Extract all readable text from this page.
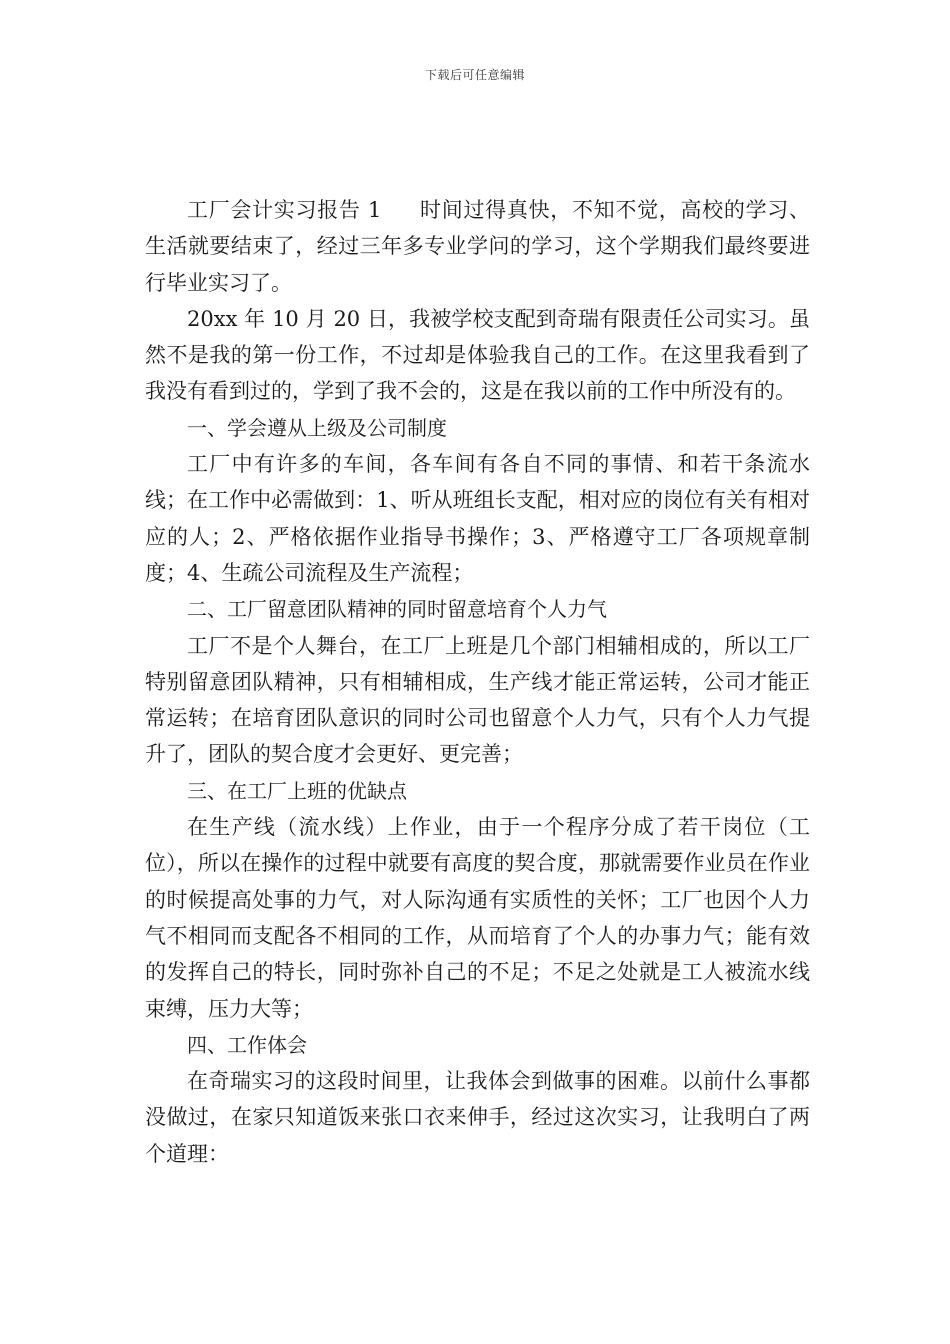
下载后可任意编辑

工厂会计实习报告 1 时间过得真快，不知不觉，高校的学习、生活就要结束了，经过三年多专业学问的学习，这个学期我们最终要进行毕业实习了。

20xx 年 10 月 20 日，我被学校支配到奇瑞有限责任公司实习。虽然不是我的第一份工作，不过却是体验我自己的工作。在这里我看到了我没有看到过的，学到了我不会的，这是在我以前的工作中所没有的。

一、学会遵从上级及公司制度

工厂中有许多的车间，各车间有各自不同的事情、和若干条流水线；在工作中必需做到：1、听从班组长支配，相对应的岗位有关有相对应的人；2、严格依据作业指导书操作；3、严格遵守工厂各项规章制度；4、生疏公司流程及生产流程；

二、工厂留意团队精神的同时留意培育个人力气

工厂不是个人舞台，在工厂上班是几个部门相辅相成的，所以工厂特别留意团队精神，只有相辅相成，生产线才能正常运转，公司才能正常运转；在培育团队意识的同时公司也留意个人力气，只有个人力气提升了，团队的契合度才会更好、更完善；

三、在工厂上班的优缺点

在生产线（流水线）上作业，由于一个程序分成了若干岗位（工位），所以在操作的过程中就要有高度的契合度，那就需要作业员在作业的时候提高处事的力气，对人际沟通有实质性的关怀；工厂也因个人力气不相同而支配各不相同的工作，从而培育了个人的办事力气；能有效的发挥自己的特长，同时弥补自己的不足；不足之处就是工人被流水线束缚，压力大等；

四、工作体会

在奇瑞实习的这段时间里，让我体会到做事的困难。以前什么事都没做过，在家只知道饭来张口衣来伸手，经过这次实习，让我明白了两个道理：
